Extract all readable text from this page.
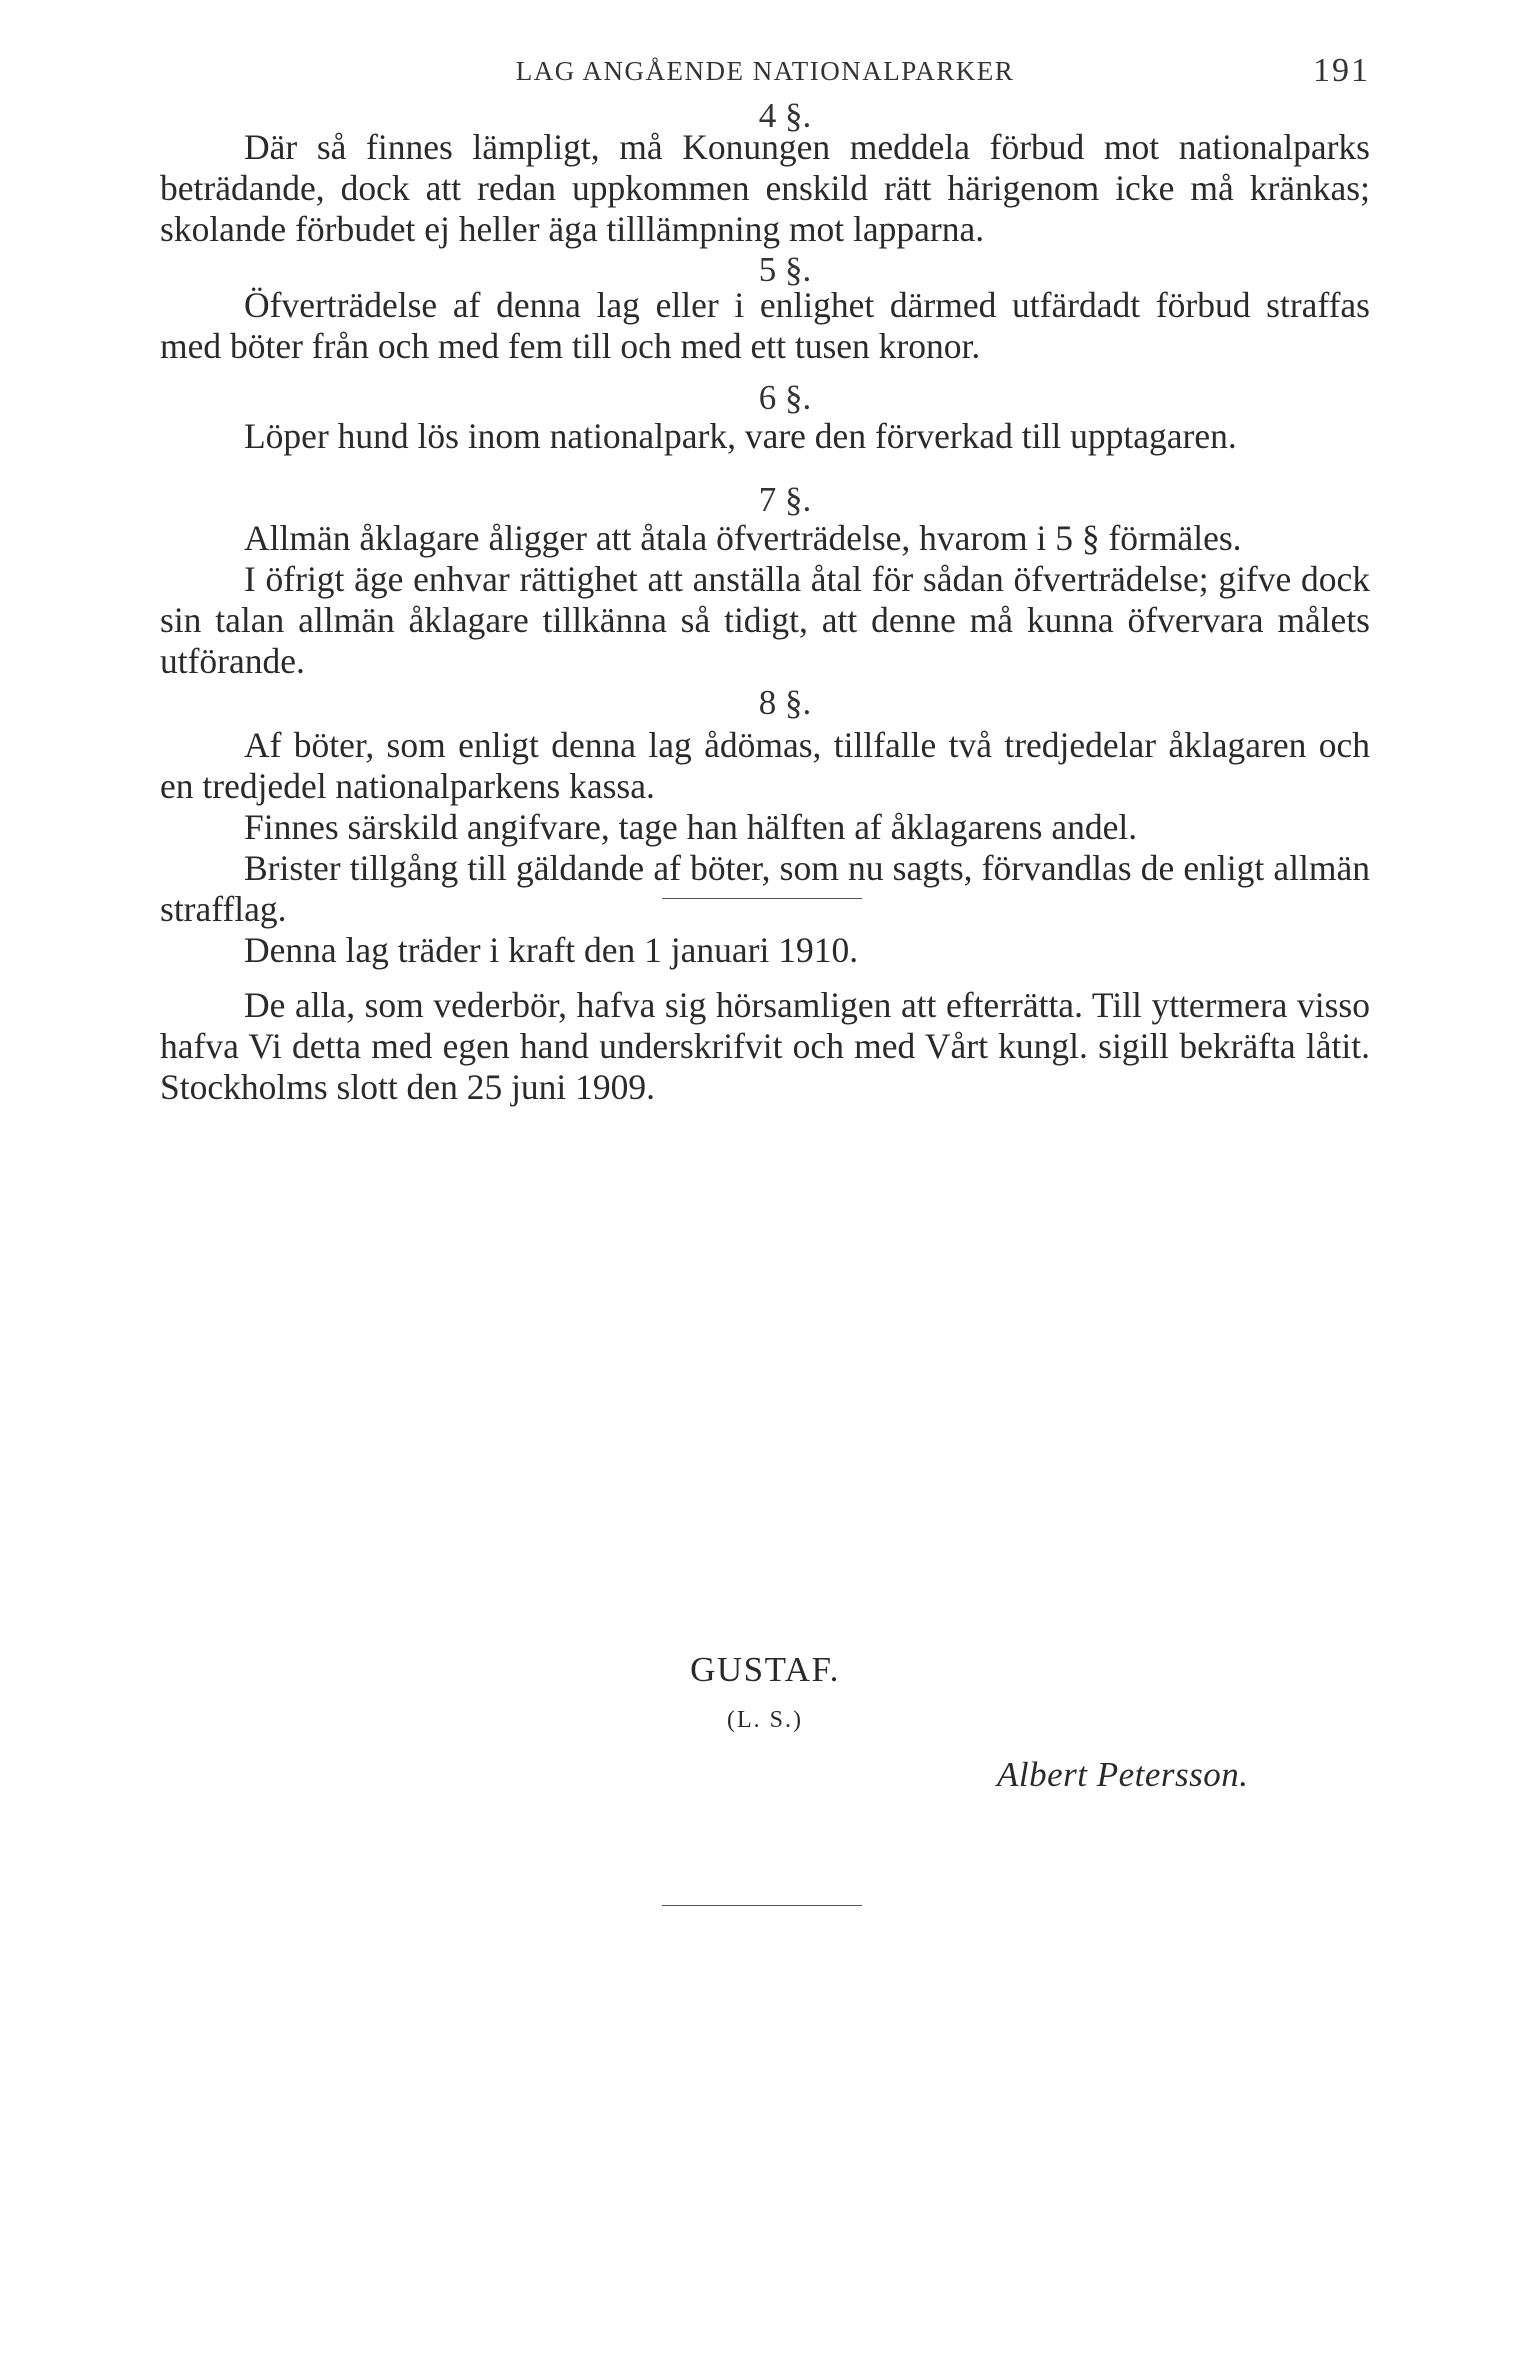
LAG ANGÅENDE NATIONALPARKER	191
4 §.

Där så finnes lämpligt, må Konungen meddela förbud mot nationalparks beträdande, dock att redan uppkommen enskild rätt härigenom icke må kränkas; skolande förbudet ej heller äga tilllämpning mot lapparna.

5 §.

Öfverträdelse af denna lag eller i enlighet därmed utfärdadt förbud straffas med böter från och med fem till och med ett tusen kronor.

6 §.

Löper hund lös inom nationalpark, vare den förverkad till upptagaren.

7 §.

Allmän åklagare åligger att åtala öfverträdelse, hvarom i 5 § förmäles.

I öfrigt äge enhvar rättighet att anställa åtal för sådan öfverträdelse; gifve dock sin talan allmän åklagare tillkänna så tidigt, att denne må kunna öfvervara målets utförande.

8 §.

Af böter, som enligt denna lag ådömas, tillfalle två tredjedelar åklagaren och en tredjedel nationalparkens kassa.

Finnes särskild angifvare, tage han hälften af åklagarens andel.

Brister tillgång till gäldande af böter, som nu sagts, förvandlas de enligt allmän strafflag.

Denna lag träder i kraft den 1 januari 1910.

De alla, som vederbör, hafva sig hörsamligen att efterrätta. Till yttermera visso hafva Vi detta med egen hand underskrifvit och med Vårt kungl. sigill bekräfta låtit. Stockholms slott den 25 juni 1909.

GUSTAF.
(L. S.)
Albert Petersson.
